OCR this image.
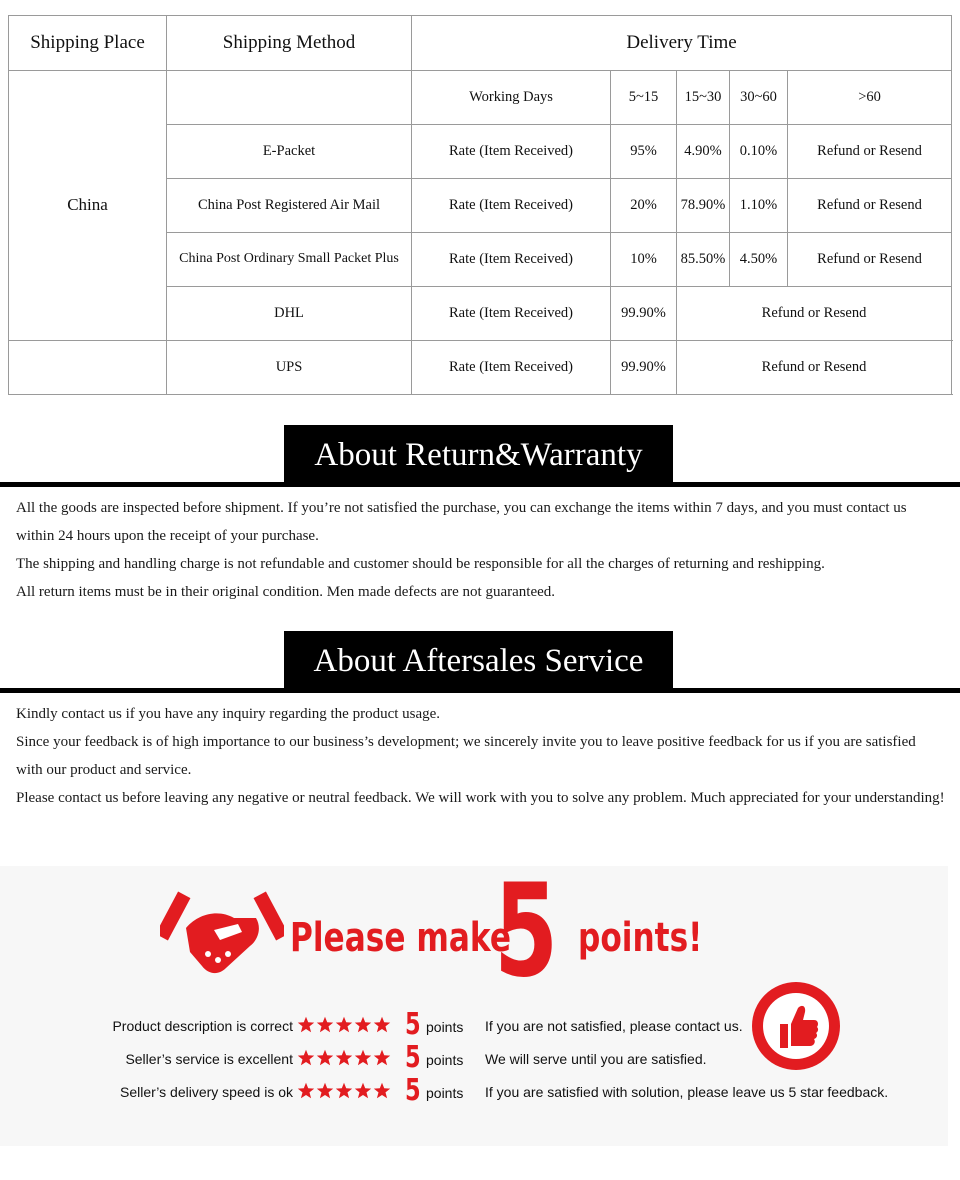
Shipping Place	Shipping Method	Delivery Time				
China		Working Days	5~15	15~30	30~60	>60
	E-Packet	Rate (Item Received)	95%	4.90%	0.10%	Refund or Resend
	China Post Registered Air Mail	Rate (Item Received)	20%	78.90%	1.10%	Refund or Resend
	China Post Ordinary Small Packet Plus	Rate (Item Received)	10%	85.50%	4.50%	Refund or Resend
	DHL	Rate (Item Received)	99.90%	Refund or Resend		
	UPS	Rate (Item Received)	99.90%	Refund or Resend		
About Return&Warranty

All the goods are inspected before shipment. If you’re not satisfied the purchase, you can exchange the items within 7 days, and you must contact us within 24 hours upon the receipt of your purchase.

The shipping and handling charge is not refundable and customer should be responsible for all the charges of returning and reshipping.

All return items must be in their original condition. Men made defects are not guaranteed.

About Aftersales Service

Kindly contact us if you have any inquiry regarding the product usage.

Since your feedback is of high importance to our business’s development; we sincerely invite you to leave positive feedback for us if you are satisfied with our product and service.

Please contact us before leaving any negative or neutral feedback. We will work with you to solve any problem. Much appreciated for your understanding!

Please make
5 points!
Product description is correct	5 points If you are not satisfied, please contact us.
Seller’s service is excellent	5 points We will serve until you are satisfied.
Seller’s delivery speed is ok	5 points If you are satisfied with solution, please leave us 5 star feedback.
